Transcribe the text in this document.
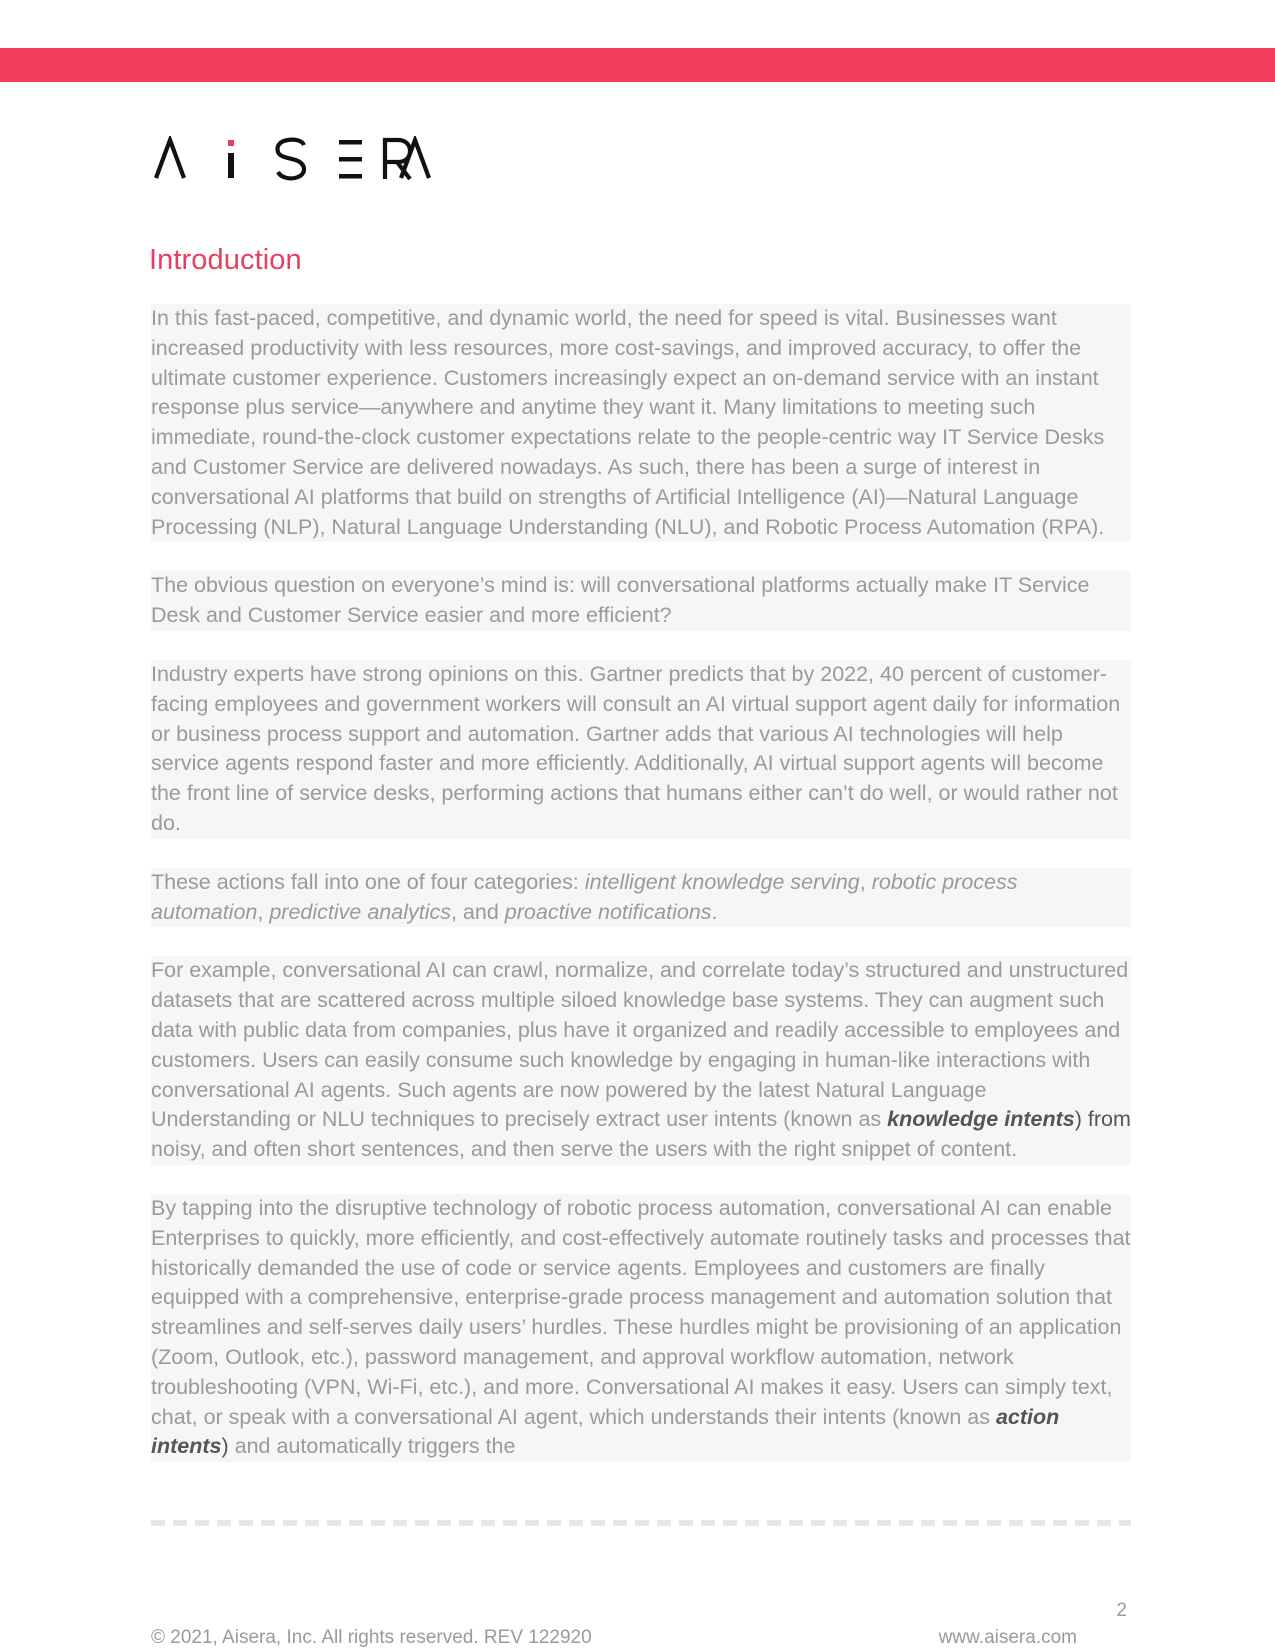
Introduction

In this fast-paced, competitive, and dynamic world, the need for speed is vital. Businesses want increased productivity with less resources, more cost-savings, and improved accuracy, to offer the ultimate customer experience. Customers increasingly expect an on-demand service with an instant response plus service—anywhere and anytime they want it. Many limitations to meeting such immediate, round-the-clock customer expectations relate to the people-centric way IT Service Desks and Customer Service are delivered nowadays. As such, there has been a surge of interest in conversational AI platforms that build on strengths of Artificial Intelligence (AI)—Natural Language Processing (NLP), Natural Language Understanding (NLU), and Robotic Process Automation (RPA).

The obvious question on everyone’s mind is: will conversational platforms actually make IT Service Desk and Customer Service easier and more efficient?

Industry experts have strong opinions on this. Gartner predicts that by 2022, 40 percent of customer-facing employees and government workers will consult an AI virtual support agent daily for information or business process support and automation. Gartner adds that various AI technologies will help service agents respond faster and more efficiently. Additionally, AI virtual support agents will become the front line of service desks, performing actions that humans either can’t do well, or would rather not do.

These actions fall into one of four categories: intelligent knowledge serving, robotic process automation, predictive analytics, and proactive notifications.

For example, conversational AI can crawl, normalize, and correlate today’s structured and unstructured datasets that are scattered across multiple siloed knowledge base systems. They can augment such data with public data from companies, plus have it organized and readily accessible to employees and customers. Users can easily consume such knowledge by engaging in human-like interactions with conversational AI agents. Such agents are now powered by the latest Natural Language Understanding or NLU techniques to precisely extract user intents (known as knowledge intents) from noisy, and often short sentences, and then serve the users with the right snippet of content.

By tapping into the disruptive technology of robotic process automation, conversational AI can enable Enterprises to quickly, more efficiently, and cost-effectively automate routinely tasks and processes that historically demanded the use of code or service agents. Employees and customers are finally equipped with a comprehensive, enterprise-grade process management and automation solution that streamlines and self-serves daily users’ hurdles. These hurdles might be provisioning of an application (Zoom, Outlook, etc.), password management, and approval workflow automation, network troubleshooting (VPN, Wi-Fi, etc.), and more. Conversational AI makes it easy. Users can simply text, chat, or speak with a conversational AI agent, which understands their intents (known as action intents) and automatically triggers the

2
© 2021, Aisera, Inc. All rights reserved. REV 122920	www.aisera.com
